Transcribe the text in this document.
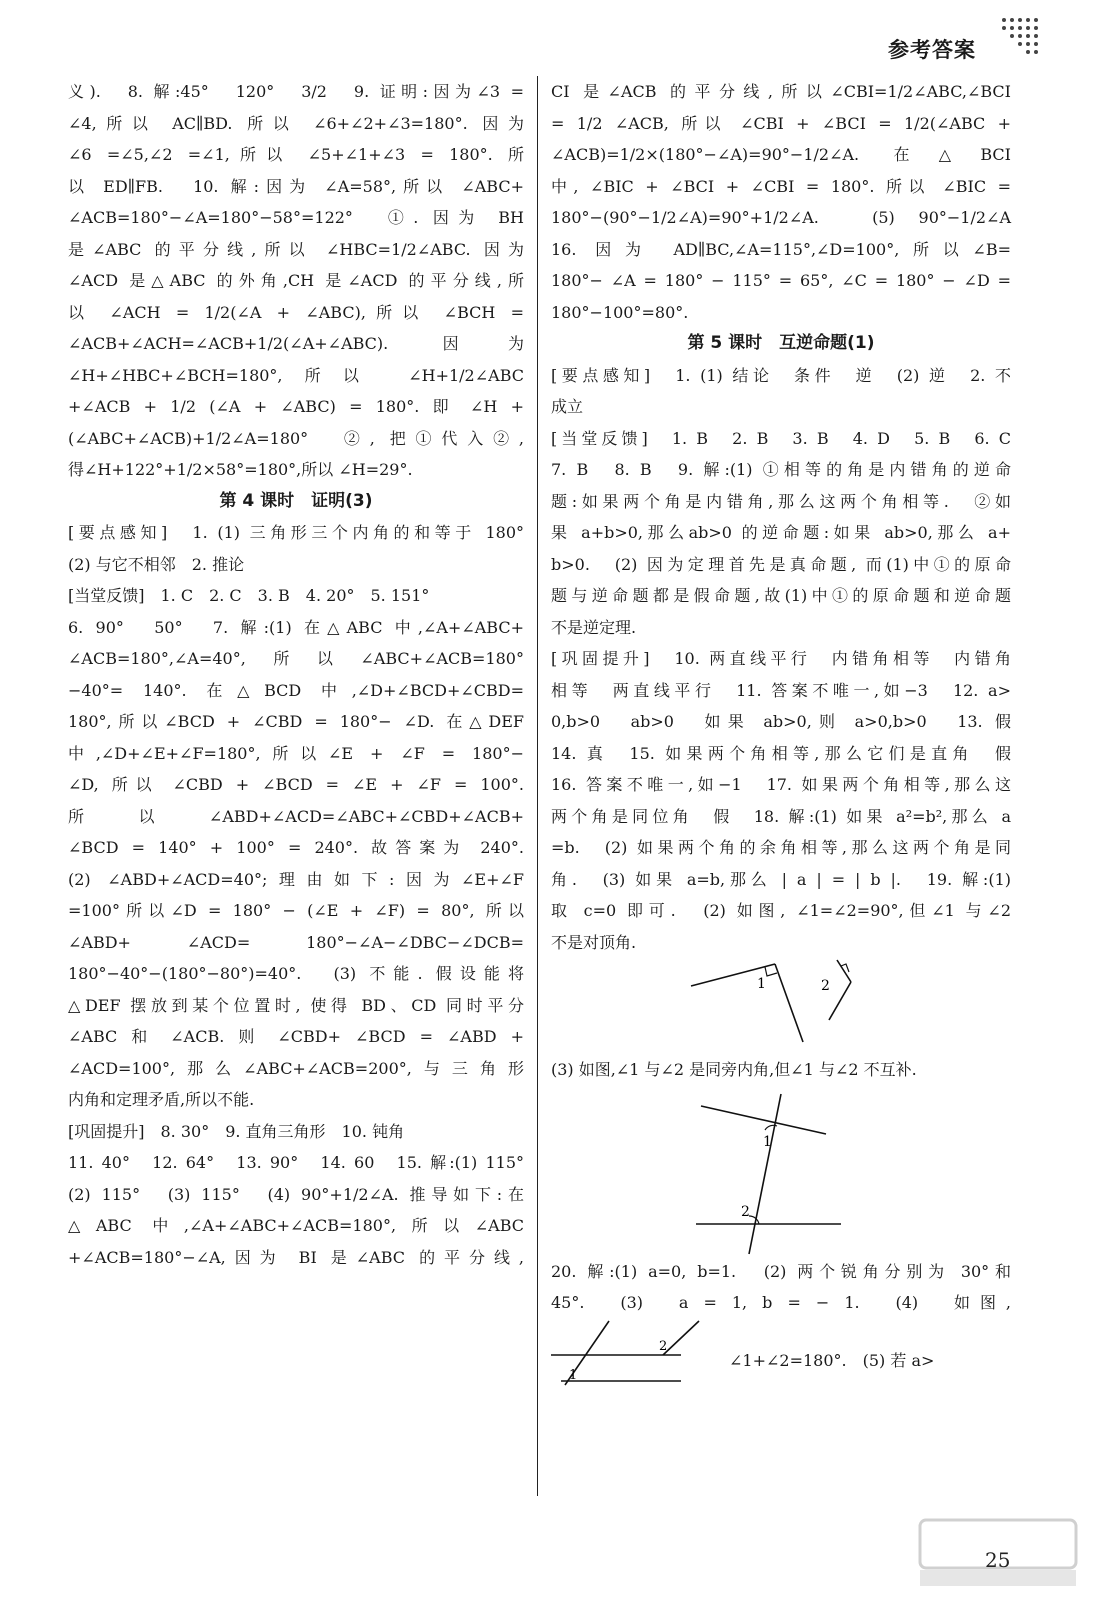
参考答案

义).　8. 解:45°　120°　3/2　9. 证明:因为∠3 =

∠4,所以 AC∥BD. 所以 ∠6+∠2+∠3=180°. 因为

∠6 =∠5,∠2 =∠1,所以 ∠5+∠1+∠3 = 180°. 所

以 ED∥FB.　10. 解:因为 ∠A=58°,所以 ∠ABC+

∠ACB=180°−∠A=180°−58°=122°　①. 因为 BH

是∠ABC 的平分线,所以 ∠HBC=1/2∠ABC. 因为

∠ACD 是△ABC 的外角,CH 是∠ACD 的平分线,所

以 ∠ACH = 1/2(∠A + ∠ABC),所以 ∠BCH =

∠ACB+∠ACH=∠ACB+1/2(∠A+∠ABC). 因为

∠H+∠HBC+∠BCH=180°,所以 ∠H+1/2∠ABC

+∠ACB + 1/2 (∠A + ∠ABC) = 180°. 即 ∠H +

(∠ABC+∠ACB)+1/2∠A=180°　②, 把①代入②,

得∠H+122°+1/2×58°=180°,所以 ∠H=29°.

第 4 课时　证明(3)

[要点感知]　1. (1) 三角形三个内角的和等于 180°

(2) 与它不相邻　2. 推论

[当堂反馈]　1. C　2. C　3. B　4. 20°　5. 151°

6. 90°　50°　7. 解:(1) 在△ABC 中,∠A+∠ABC+

∠ACB=180°,∠A=40°,所以∠ABC+∠ACB=180°

−40°= 140°. 在△BCD 中,∠D+∠BCD+∠CBD=

180°,所以∠BCD + ∠CBD = 180°− ∠D. 在△DEF

中,∠D+∠E+∠F=180°,所以∠E + ∠F = 180°−

∠D, 所以 ∠CBD + ∠BCD = ∠E + ∠F = 100°.

所以∠ABD+∠ACD=∠ABC+∠CBD+∠ACB+

∠BCD = 140° + 100° = 240°. 故答案为 240°.

(2) ∠ABD+∠ACD=40°;理由如下:因为∠E+∠F

=100°所以∠D = 180° − (∠E + ∠F) = 80°, 所以

∠ABD+ ∠ACD= 180°−∠A−∠DBC−∠DCB=

180°−40°−(180°−80°)=40°.　(3) 不能. 假设能将

△DEF 摆放到某个位置时, 使得 BD、CD 同时平分

∠ABC 和 ∠ACB. 则 ∠CBD+ ∠BCD = ∠ABD +

∠ACD=100°,那么∠ABC+∠ACB=200°,与三角形

内角和定理矛盾,所以不能.

[巩固提升]　8. 30°　9. 直角三角形　10. 钝角

11. 40°　12. 64°　13. 90°　14. 60　15. 解:(1) 115°

(2) 115°　(3) 115°　(4) 90°+1/2∠A. 推导如下:在

△ABC 中,∠A+∠ABC+∠ACB=180°,所以∠ABC

+∠ACB=180°−∠A,因为 BI 是∠ABC 的平分线,

CI 是∠ACB 的平分线,所以∠CBI=1/2∠ABC,∠BCI

= 1/2 ∠ACB, 所以 ∠CBI + ∠BCI = 1/2(∠ABC +

∠ACB)=1/2×(180°−∠A)=90°−1/2∠A. 在△BCI

中, ∠BIC + ∠BCI + ∠CBI = 180°. 所以 ∠BIC =

180°−(90°−1/2∠A)=90°+1/2∠A.　(5) 90°−1/2∠A

16. 因为 AD∥BC,∠A=115°,∠D=100°,所以∠B=

180°− ∠A = 180° − 115° = 65°, ∠C = 180° − ∠D =

180°−100°=80°.

第 5 课时　互逆命题(1)

[要点感知]　1. (1) 结论　条件　逆　(2) 逆　2. 不

成立

[当堂反馈]　1. B　2. B　3. B　4. D　5. B　6. C

7. B　8. B　9. 解:(1) ①相等的角是内错角的逆命

题:如果两个角是内错角,那么这两个角相等.　②如

果 a+b>0,那么ab>0 的逆命题:如果 ab>0,那么 a+

b>0.　(2) 因为定理首先是真命题, 而(1)中①的原命

题与逆命题都是假命题,故(1)中①的原命题和逆命题

不是逆定理.

[巩固提升]　10. 两直线平行　内错角相等　内错角

相等　两直线平行　11. 答案不唯一,如−3　12. a>

0,b>0　ab>0　如果 ab>0,则 a>0,b>0　13. 假

14. 真　15. 如果两个角相等,那么它们是直角　假

16. 答案不唯一,如−1　17. 如果两个角相等,那么这

两个角是同位角　假　18. 解:(1) 如果 a²=b²,那么 a

=b.　(2) 如果两个角的余角相等,那么这两个角是同

角.　(3) 如果 a=b,那么 | a | = | b |.　19. 解:(1)

取 c=0 即可.　(2) 如图, ∠1=∠2=90°,但∠1 与∠2

不是对顶角.

1	2

(3) 如图,∠1 与∠2 是同旁内角,但∠1 与∠2 不互补.

1
2

20. 解:(1) a=0, b=1.　(2) 两个锐角分别为 30°和

45°.　(3)　a = 1, b = − 1.　(4)　如图,

1
2

∠1+∠2=180°.　(5) 若 a>

25
